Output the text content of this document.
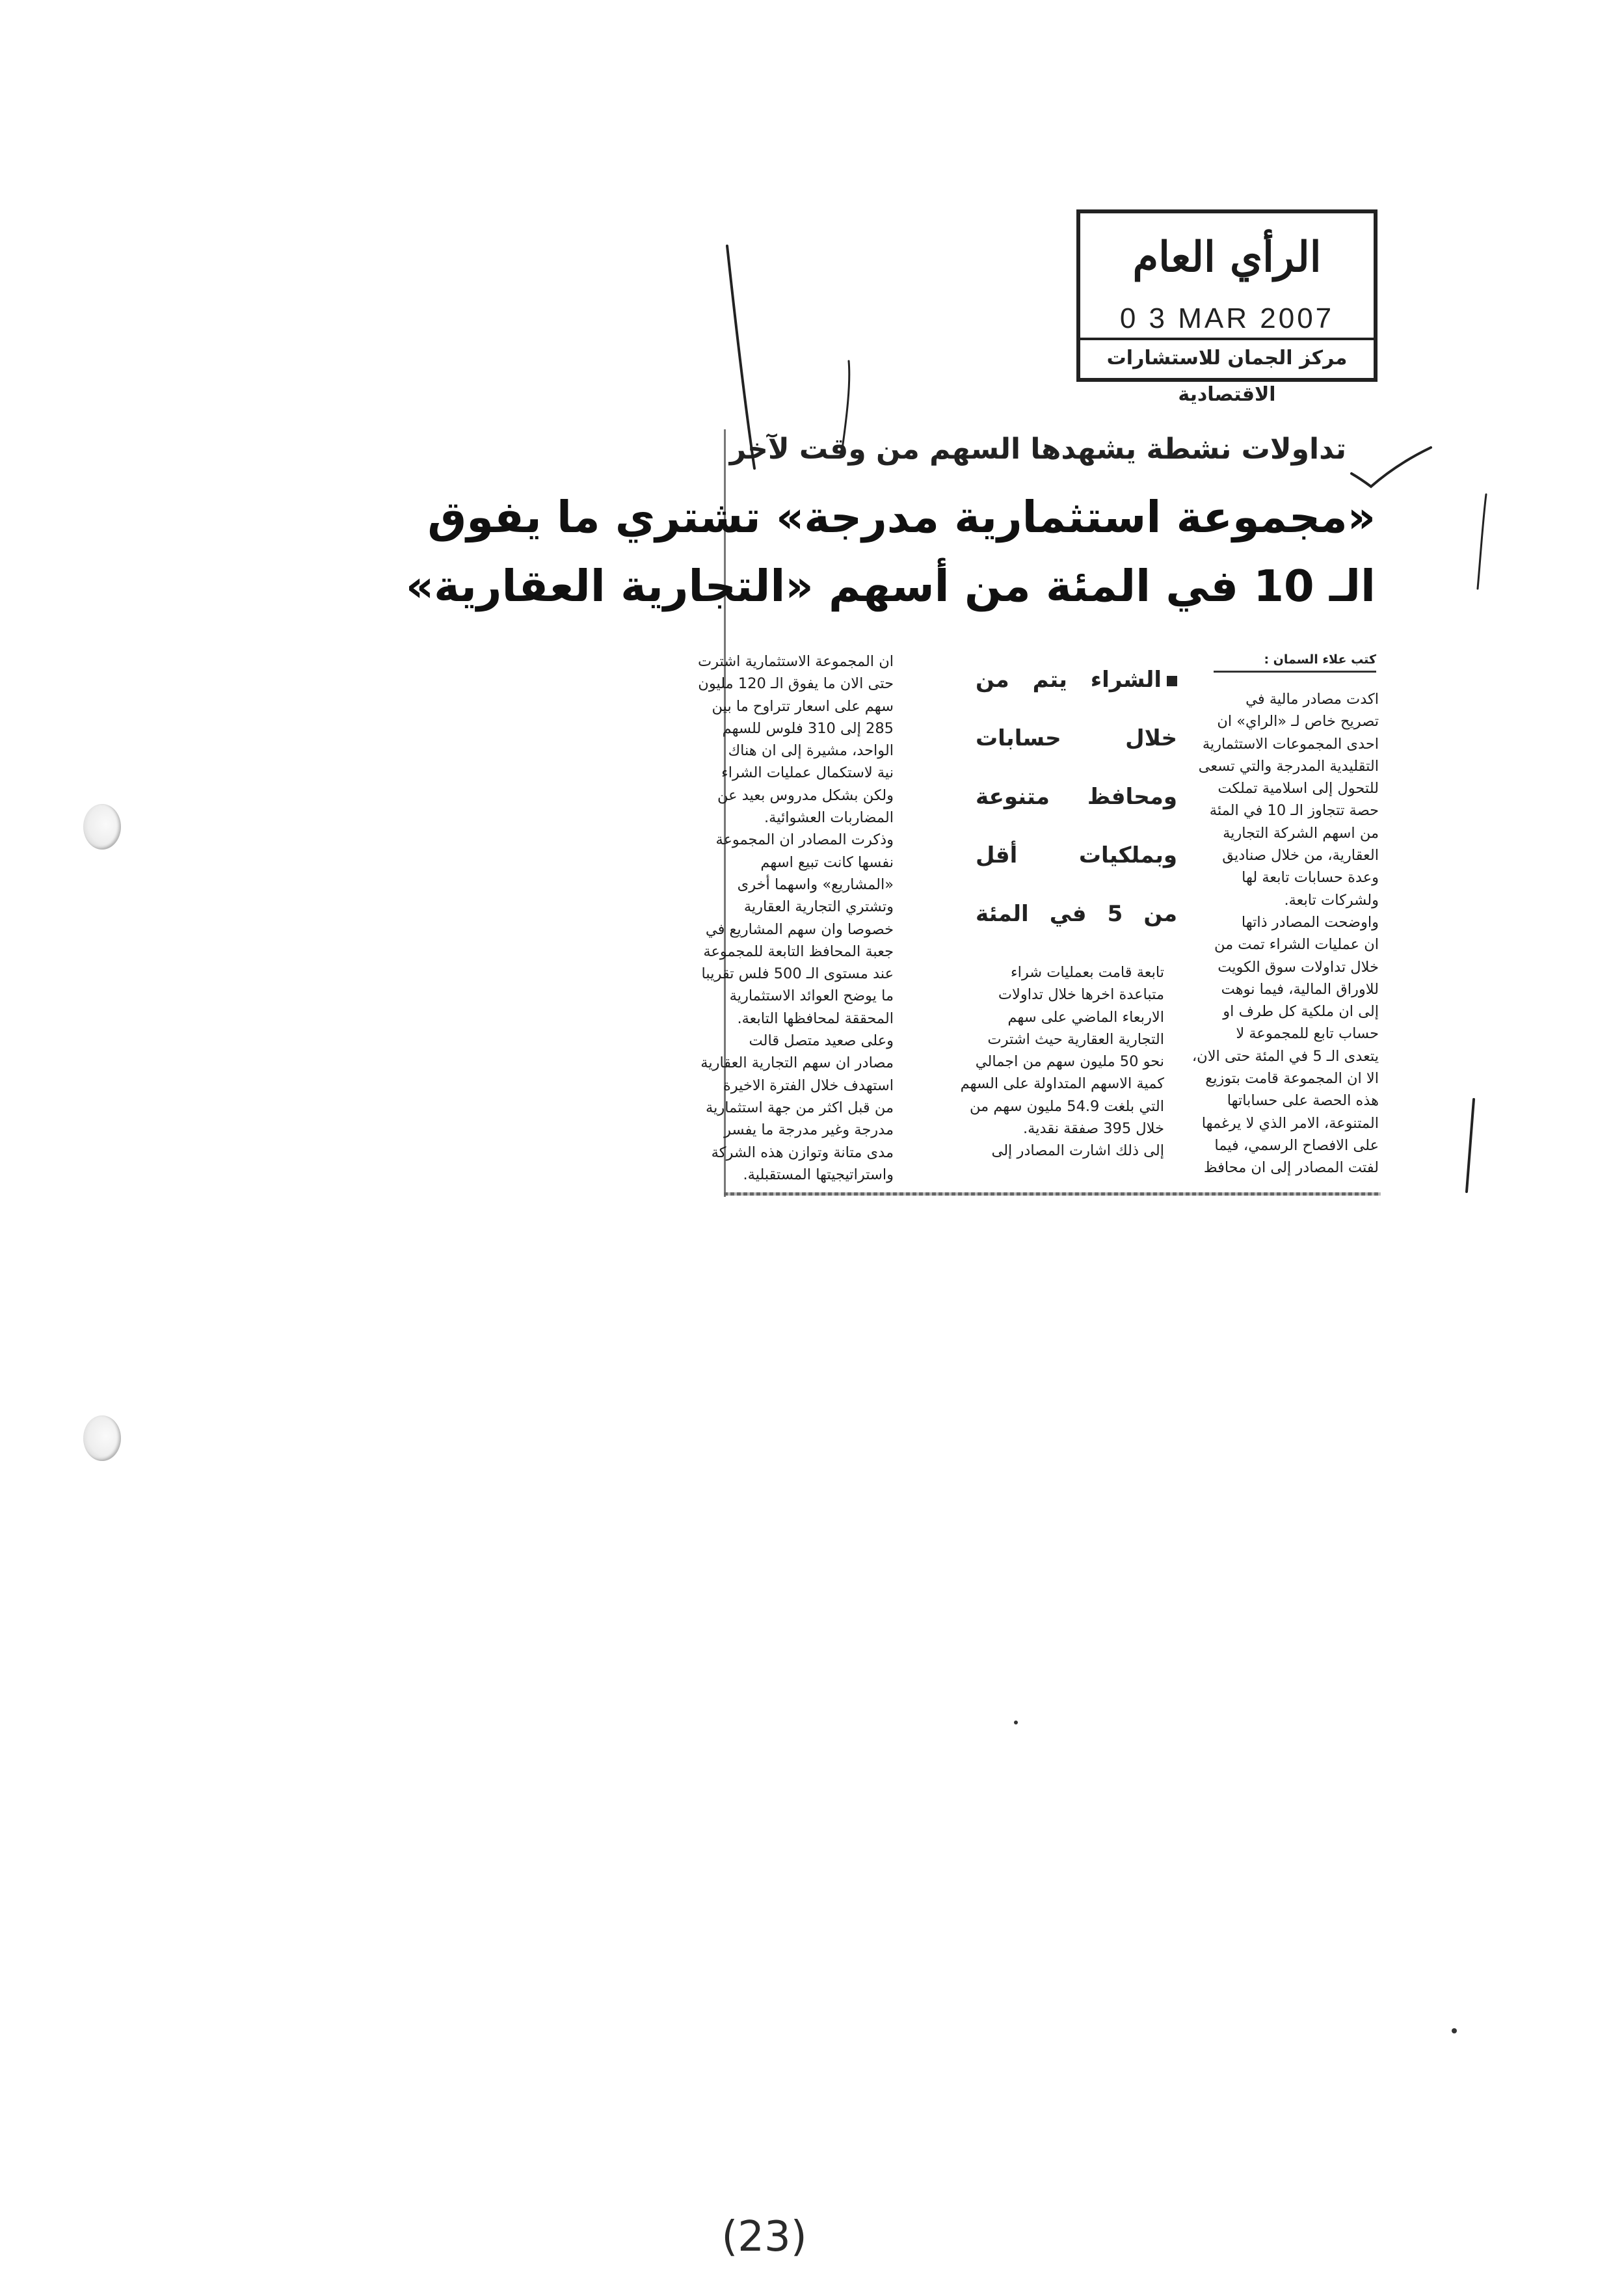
الرأي العام
0 3 MAR 2007
مركز الجمان للاستشارات الاقتصادية
تداولات نشطة يشهدها السهم من وقت لآخر
«مجموعة استثمارية مدرجة» تشتري ما يفوق
الـ 10 في المئة من أسهم «التجارية العقارية»
كتب علاء السمان :
اكدت مصادر مالية في
تصريح خاص لـ «الراي» ان
احدى المجموعات الاستثمارية
التقليدية المدرجة والتي تسعى
للتحول إلى اسلامية تملكت
حصة تتجاوز الـ 10 في المئة
من اسهم الشركة التجارية
العقارية، من خلال صناديق
وعدة حسابات تابعة لها
ولشركات تابعة.
واوضحت المصادر ذاتها
ان عمليات الشراء تمت من
خلال تداولات سوق الكويت
للاوراق المالية، فيما نوهت
إلى ان ملكية كل طرف او
حساب تابع للمجموعة لا
يتعدى الـ 5 في المئة حتى الان،
الا ان المجموعة قامت بتوزيع
هذه الحصة على حساباتها
المتنوعة، الامر الذي لا يرغمها
على الافصاح الرسمي، فيما
لفتت المصادر إلى ان محافظ
الشراء يتم من
خلال حسابات
ومحافظ متنوعة
وبملكيات أقل
من 5 في المئة
تابعة قامت بعمليات شراء
متباعدة اخرها خلال تداولات
الاربعاء الماضي على سهم
التجارية العقارية حيث اشترت
نحو 50 مليون سهم من اجمالي
كمية الاسهم المتداولة على السهم
التي بلغت 54.9 مليون سهم من
خلال 395 صفقة نقدية.
إلى ذلك اشارت المصادر إلى
ان المجموعة الاستثمارية اشترت
حتى الان ما يفوق الـ 120 مليون
سهم على اسعار تتراوح ما بين
285 إلى 310 فلوس للسهم
الواحد، مشيرة إلى ان هناك
نية لاستكمال عمليات الشراء
ولكن بشكل مدروس بعيد عن
المضاربات العشوائية.
وذكرت المصادر ان المجموعة
نفسها كانت تبيع اسهم
«المشاريع» واسهما أخرى
وتشتري التجارية العقارية
خصوصا وان سهم المشاريع في
جعبة المحافظ التابعة للمجموعة
عند مستوى الـ 500 فلس تقريبا
ما يوضح العوائد الاستثمارية
المحققة لمحافظها التابعة.
وعلى صعيد متصل قالت
مصادر ان سهم التجارية العقارية
استهدف خلال الفترة الاخيرة
من قبل اكثر من جهة استثمارية
مدرجة وغير مدرجة ما يفسر
مدى متانة وتوازن هذه الشركة
واستراتيجيتها المستقبلية.
(23)
